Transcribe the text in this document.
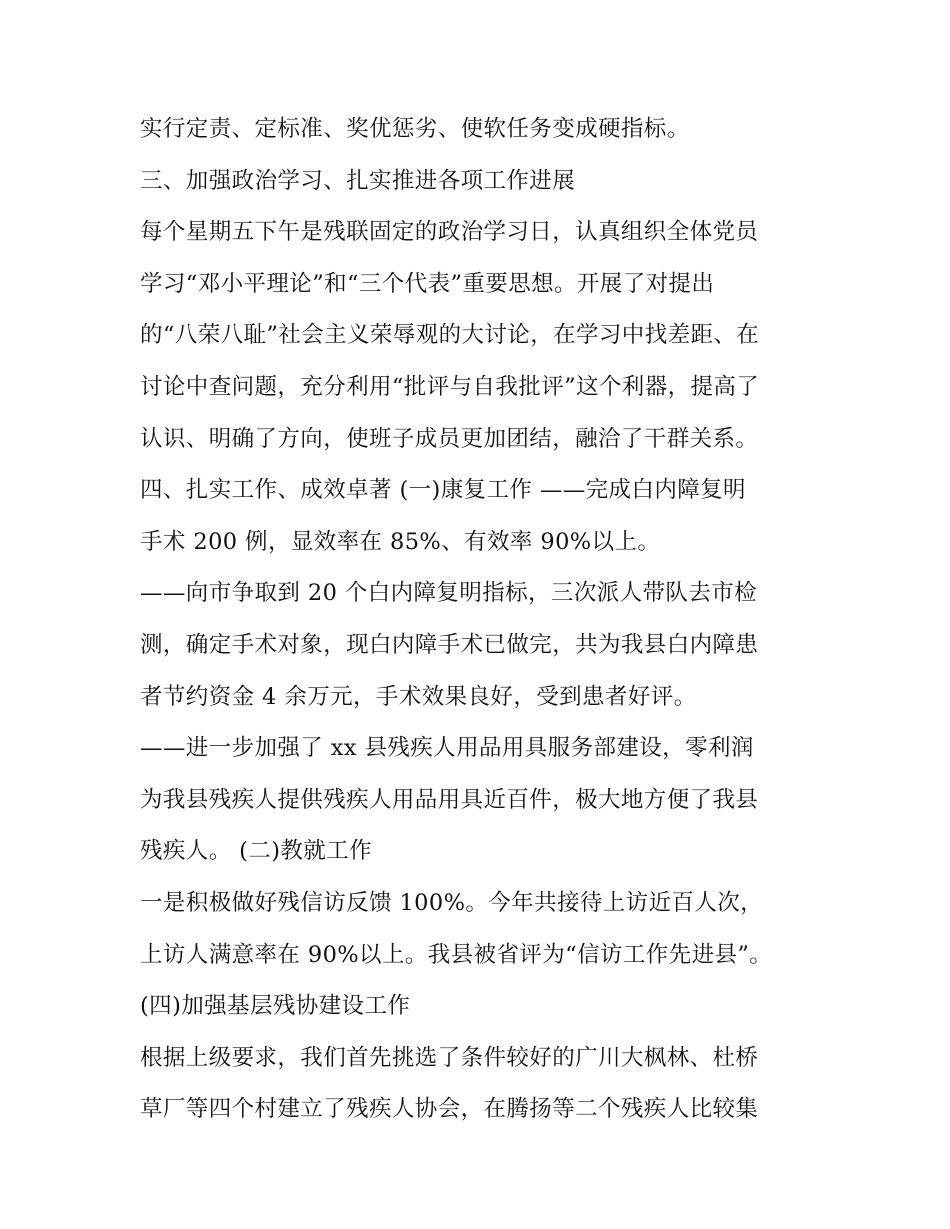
实行定责、定标准、奖优惩劣、使软任务变成硬指标。
三、加强政治学习、扎实推进各项工作进展
每个星期五下午是残联固定的政治学习日，认真组织全体党员
学习“邓小平理论”和“三个代表”重要思想。开展了对提出
的“八荣八耻”社会主义荣辱观的大讨论，在学习中找差距、在
讨论中查问题，充分利用“批评与自我批评”这个利器，提高了
认识、明确了方向，使班子成员更加团结，融洽了干群关系。
四、扎实工作、成效卓著 (一)康复工作 ——完成白内障复明
手术 200 例，显效率在 85%、有效率 90%以上。
——向市争取到 20 个白内障复明指标，三次派人带队去市检
测，确定手术对象，现白内障手术已做完，共为我县白内障患
者节约资金 4 余万元，手术效果良好，受到患者好评。
——进一步加强了 xx 县残疾人用品用具服务部建设，零利润
为我县残疾人提供残疾人用品用具近百件，极大地方便了我县
残疾人。 (二)教就工作
一是积极做好残信访反馈 100%。今年共接待上访近百人次，
上访人满意率在 90%以上。我县被省评为“信访工作先进县”。
(四)加强基层残协建设工作
根据上级要求，我们首先挑选了条件较好的广川大枫林、杜桥
草厂等四个村建立了残疾人协会，在腾扬等二个残疾人比较集
